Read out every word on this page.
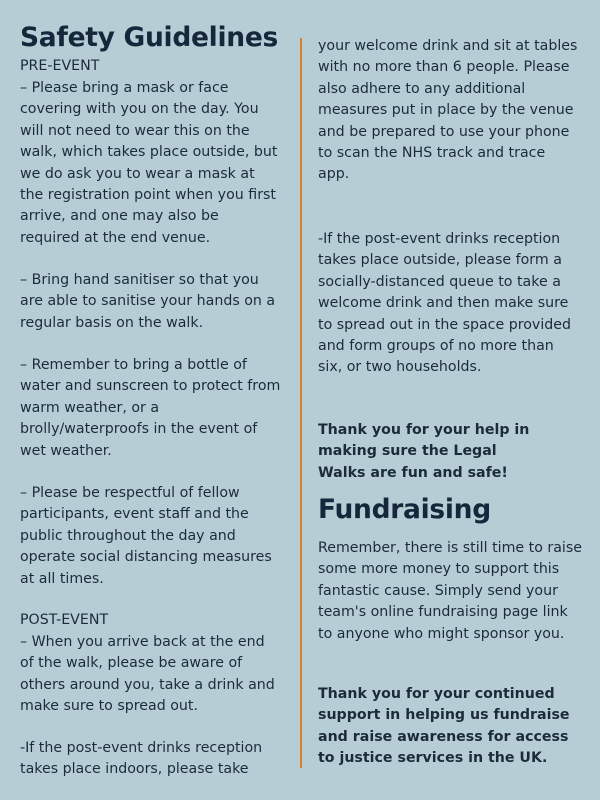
Safety Guidelines
PRE-EVENT

– Please bring a mask or face covering with you on the day. You will not need to wear this on the walk, which takes place outside, but we do ask you to wear a mask at the registration point when you first arrive, and one may also be required at the end venue.

– Bring hand sanitiser so that you are able to sanitise your hands on a regular basis on the walk.

– Remember to bring a bottle of water and sunscreen to protect from warm weather, or a brolly/waterproofs in the event of wet weather.

– Please be respectful of fellow participants, event staff and the public throughout the day and operate social distancing measures at all times.

POST-EVENT

– When you arrive back at the end of the walk, please be aware of others around you, take a drink and make sure to spread out.

-If the post-event drinks reception takes place indoors, please take

your welcome drink and sit at tables with no more than 6 people. Please also adhere to any additional measures put in place by the venue and be prepared to use your phone to scan the NHS track and trace app.

-If the post-event drinks reception takes place outside, please form a socially-distanced queue to take a welcome drink and then make sure to spread out in the space provided and form groups of no more than six, or two households.

Thank you for your help in making sure the Legal Walks are fun and safe!

Fundraising

Remember, there is still time to raise some more money to support this fantastic cause. Simply send your team's online fundraising page link to anyone who might sponsor you.

Thank you for your continued support in helping us fundraise and raise awareness for access to justice services in the UK.
